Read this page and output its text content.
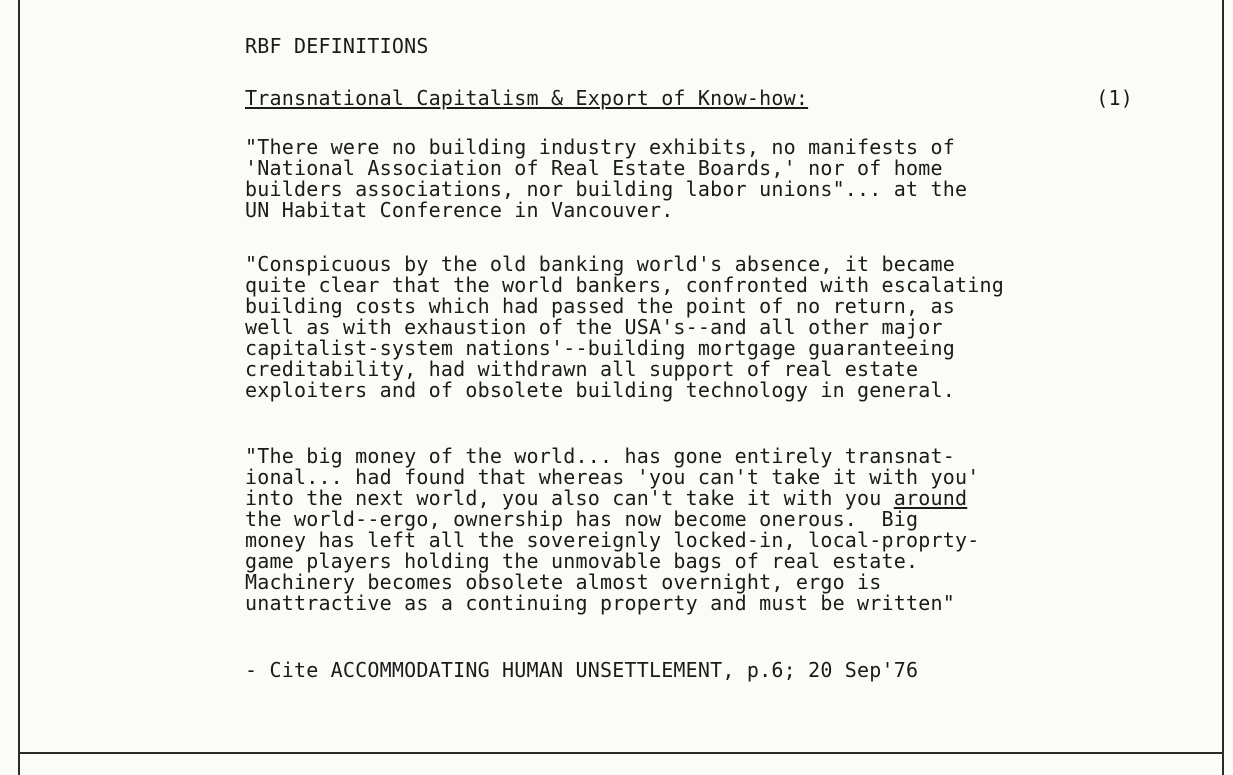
RBF DEFINITIONS
Transnational Capitalism & Export of Know-how:	(1)
"There were no building industry exhibits, no manifests of
'National Association of Real Estate Boards,' nor of home
builders associations, nor building labor unions"... at the
UN Habitat Conference in Vancouver.
"Conspicuous by the old banking world's absence, it became
quite clear that the world bankers, confronted with escalating
building costs which had passed the point of no return, as
well as with exhaustion of the USA's--and all other major
capitalist-system nations'--building mortgage guaranteeing
creditability, had withdrawn all support of real estate
exploiters and of obsolete building technology in general.
"The big money of the world... has gone entirely transnat-
ional... had found that whereas 'you can't take it with you'
into the next world, you also can't take it with you around
the world--ergo, ownership has now become onerous.  Big
money has left all the sovereignly locked-in, local-proprty-
game players holding the unmovable bags of real estate.
Machinery becomes obsolete almost overnight, ergo is
unattractive as a continuing property and must be written"
- Cite ACCOMMODATING HUMAN UNSETTLEMENT, p.6; 20 Sep'76
